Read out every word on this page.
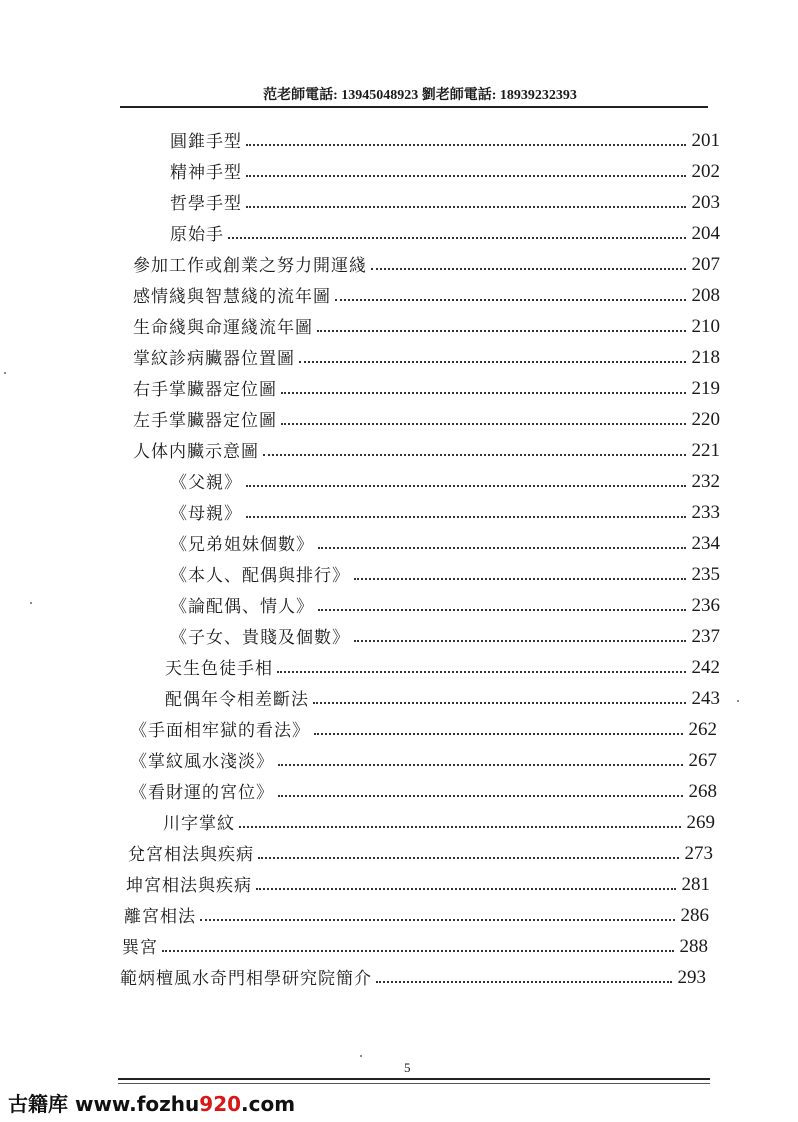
范老師電話: 13945048923 劉老師電話: 18939232393
圓錐手型	201
精神手型	202
哲學手型	203
原始手	204
參加工作或創業之努力開運綫	207
感情綫與智慧綫的流年圖	208
生命綫與命運綫流年圖	210
掌紋診病臟器位置圖	218
右手掌臟器定位圖	219
左手掌臟器定位圖	220
人体内臟示意圖	221
《父親》	232
《母親》	233
《兄弟姐妹個數》	234
《本人、配偶與排行》	235
《論配偶、情人》	236
《子女、貴賤及個數》	237
天生色徒手相	242
配偶年令相差斷法	243
《手面相牢獄的看法》	262
《掌紋風水淺淡》	267
《看財運的宮位》	268
川字掌紋	269
兌宮相法與疾病	273
坤宮相法與疾病	281
離宮相法	286
巽宮	288
範炳檀風水奇門相學研究院簡介	293
5
古籍库 www.fozhu920.com
